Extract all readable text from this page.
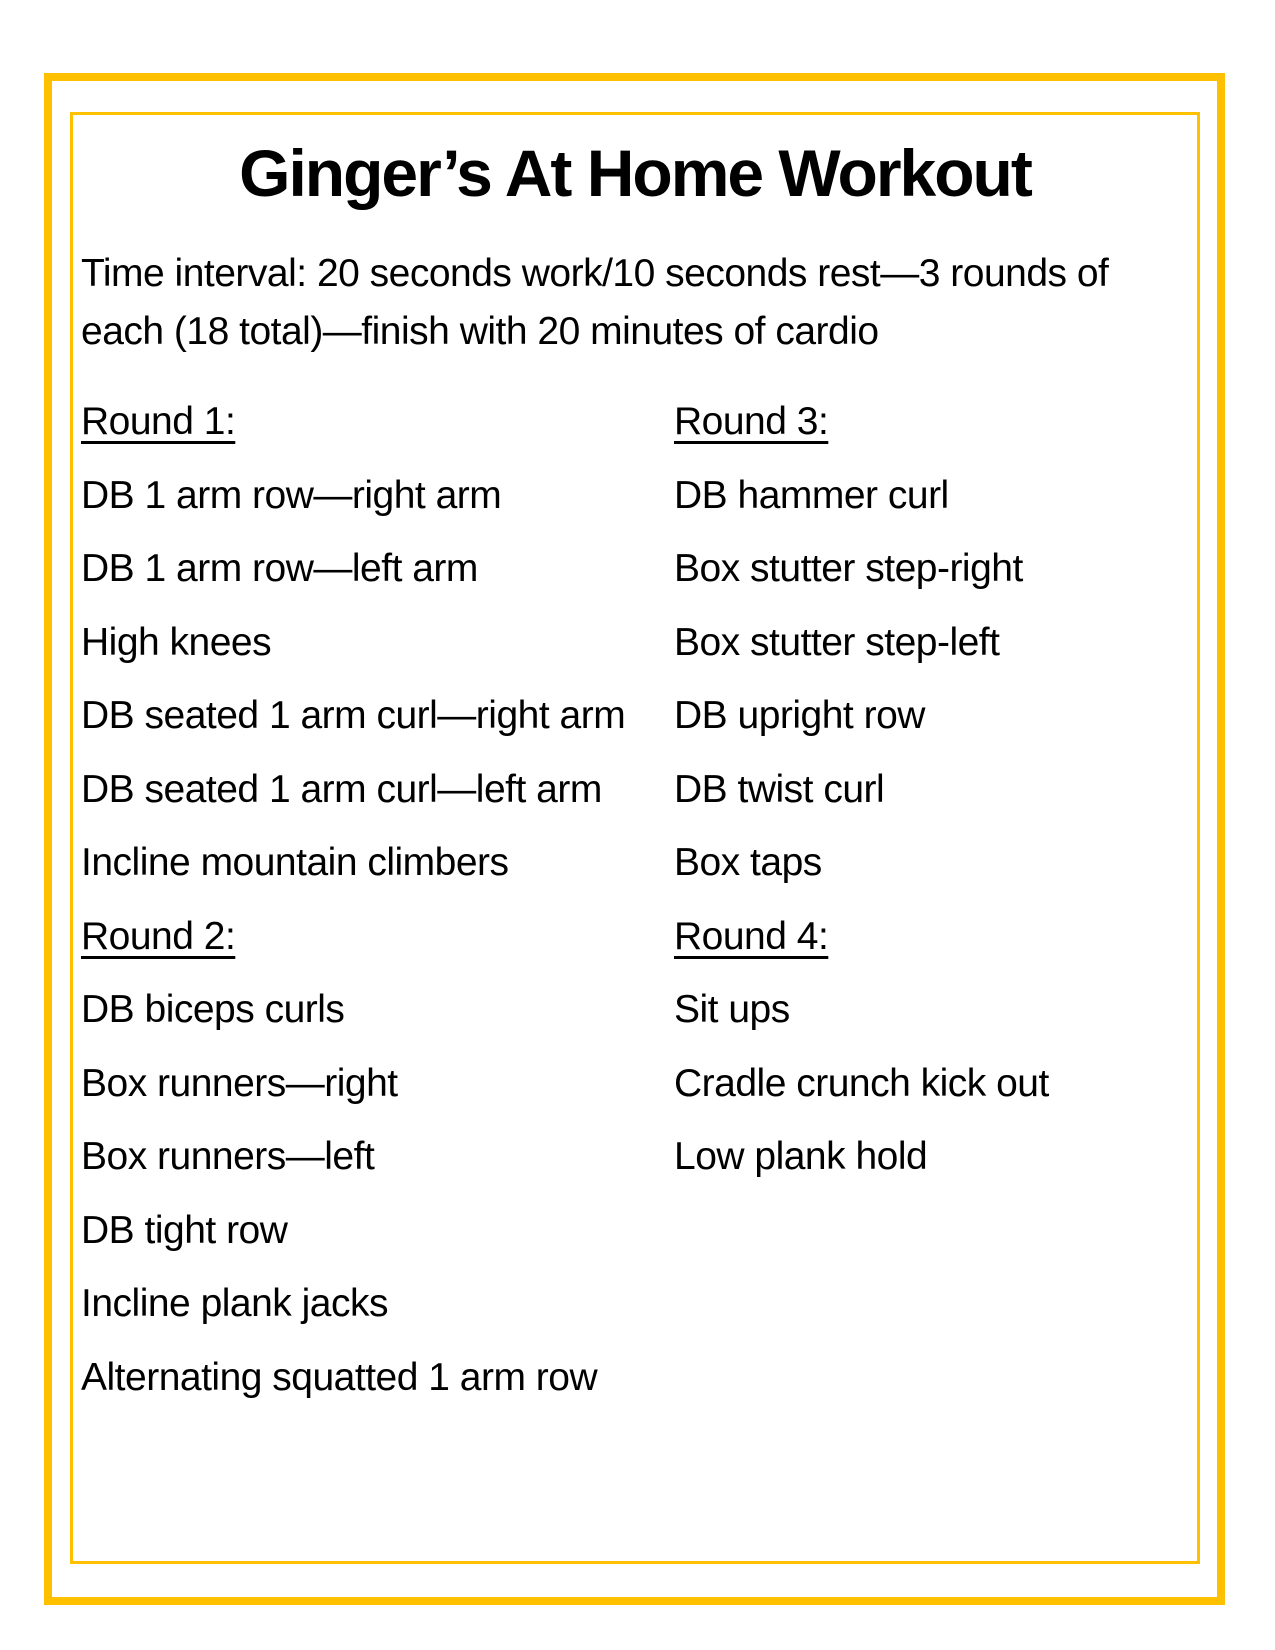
Ginger’s At Home Workout
Time interval: 20 seconds work/10 seconds rest—3 rounds of
each (18 total)—finish with 20 minutes of cardio
Round 1:
DB 1 arm row—right arm
DB 1 arm row—left arm
High knees
DB seated 1 arm curl—right arm
DB seated 1 arm curl—left arm
Incline mountain climbers
Round 2:
DB biceps curls
Box runners—right
Box runners—left
DB tight row
Incline plank jacks
Alternating squatted 1 arm row
Round 3:
DB hammer curl
Box stutter step-right
Box stutter step-left
DB upright row
DB twist curl
Box taps
Round 4:
Sit ups
Cradle crunch kick out
Low plank hold
